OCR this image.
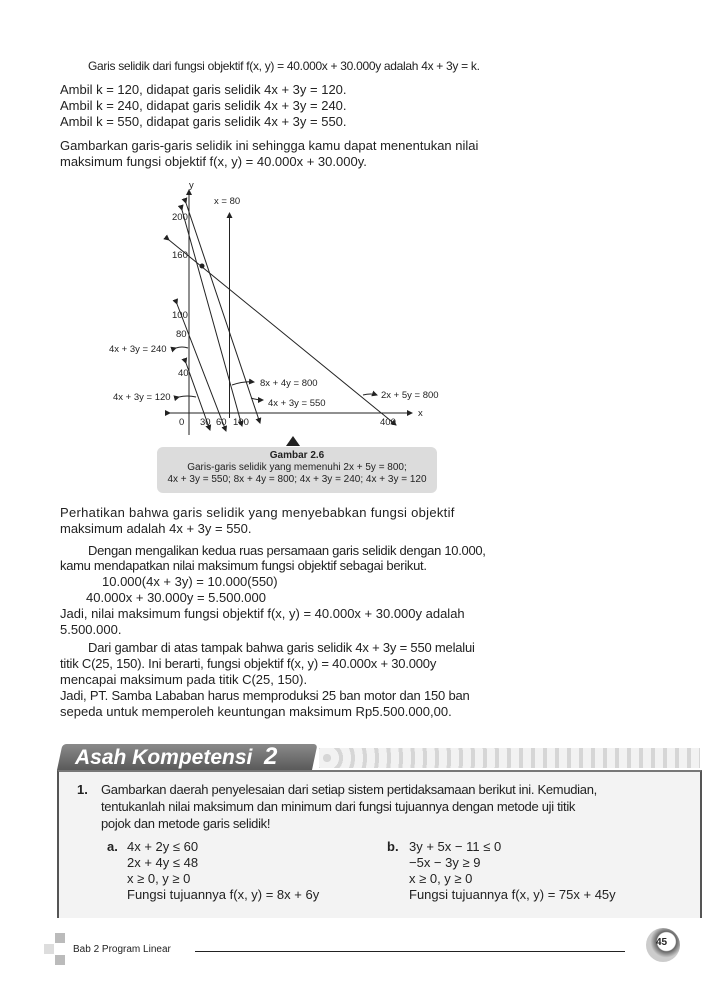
Garis selidik dari fungsi objektif f(x, y) = 40.000x + 30.000y adalah 4x + 3y = k.
Ambil k = 120, didapat garis selidik 4x + 3y = 120.
Ambil k = 240, didapat garis selidik 4x + 3y = 240.
Ambil k = 550, didapat garis selidik 4x + 3y = 550.
Gambarkan garis-garis selidik ini sehingga kamu dapat menentukan nilai
maksimum fungsi objektif f(x, y) = 40.000x + 30.000y.
y
x
x = 80
200
160
100
80
40
0 30 60 100	400
4x + 3y = 240
4x + 3y = 120
8x + 4y = 800
4x + 3y = 550
2x + 5y = 800
Gambar 2.6
Garis-garis selidik yang memenuhi 2x + 5y = 800;
4x + 3y = 550; 8x + 4y = 800; 4x + 3y = 240; 4x + 3y = 120
Perhatikan bahwa garis selidik yang menyebabkan fungsi objektif
maksimum adalah 4x + 3y = 550.
Dengan mengalikan kedua ruas persamaan garis selidik dengan 10.000,
kamu mendapatkan nilai maksimum fungsi objektif sebagai berikut.
10.000(4x + 3y) = 10.000(550)
40.000x + 30.000y = 5.500.000
Jadi, nilai maksimum fungsi objektif f(x, y) = 40.000x + 30.000y adalah
5.500.000.
Dari gambar di atas tampak bahwa garis selidik 4x + 3y = 550 melalui
titik C(25, 150). Ini berarti, fungsi objektif f(x, y) = 40.000x + 30.000y
mencapai maksimum pada titik C(25, 150).
Jadi, PT. Samba Lababan harus memproduksi 25 ban motor dan 150 ban
sepeda untuk memperoleh keuntungan maksimum Rp5.500.000,00.
Asah Kompetensi 2
1. Gambarkan daerah penyelesaian dari setiap sistem pertidaksamaan berikut ini. Kemudian,
tentukanlah nilai maksimum dan minimum dari fungsi tujuannya dengan metode uji titik
pojok dan metode garis selidik!
a. 4x + 2y ≤ 60
2x + 4y ≤ 48
x ≥ 0, y ≥ 0
Fungsi tujuannya f(x, y) = 8x + 6y
b. 3y + 5x − 11 ≤ 0
−5x − 3y ≥ 9
x ≥ 0, y ≥ 0
Fungsi tujuannya f(x, y) = 75x + 45y
Bab 2 Program Linear
45
